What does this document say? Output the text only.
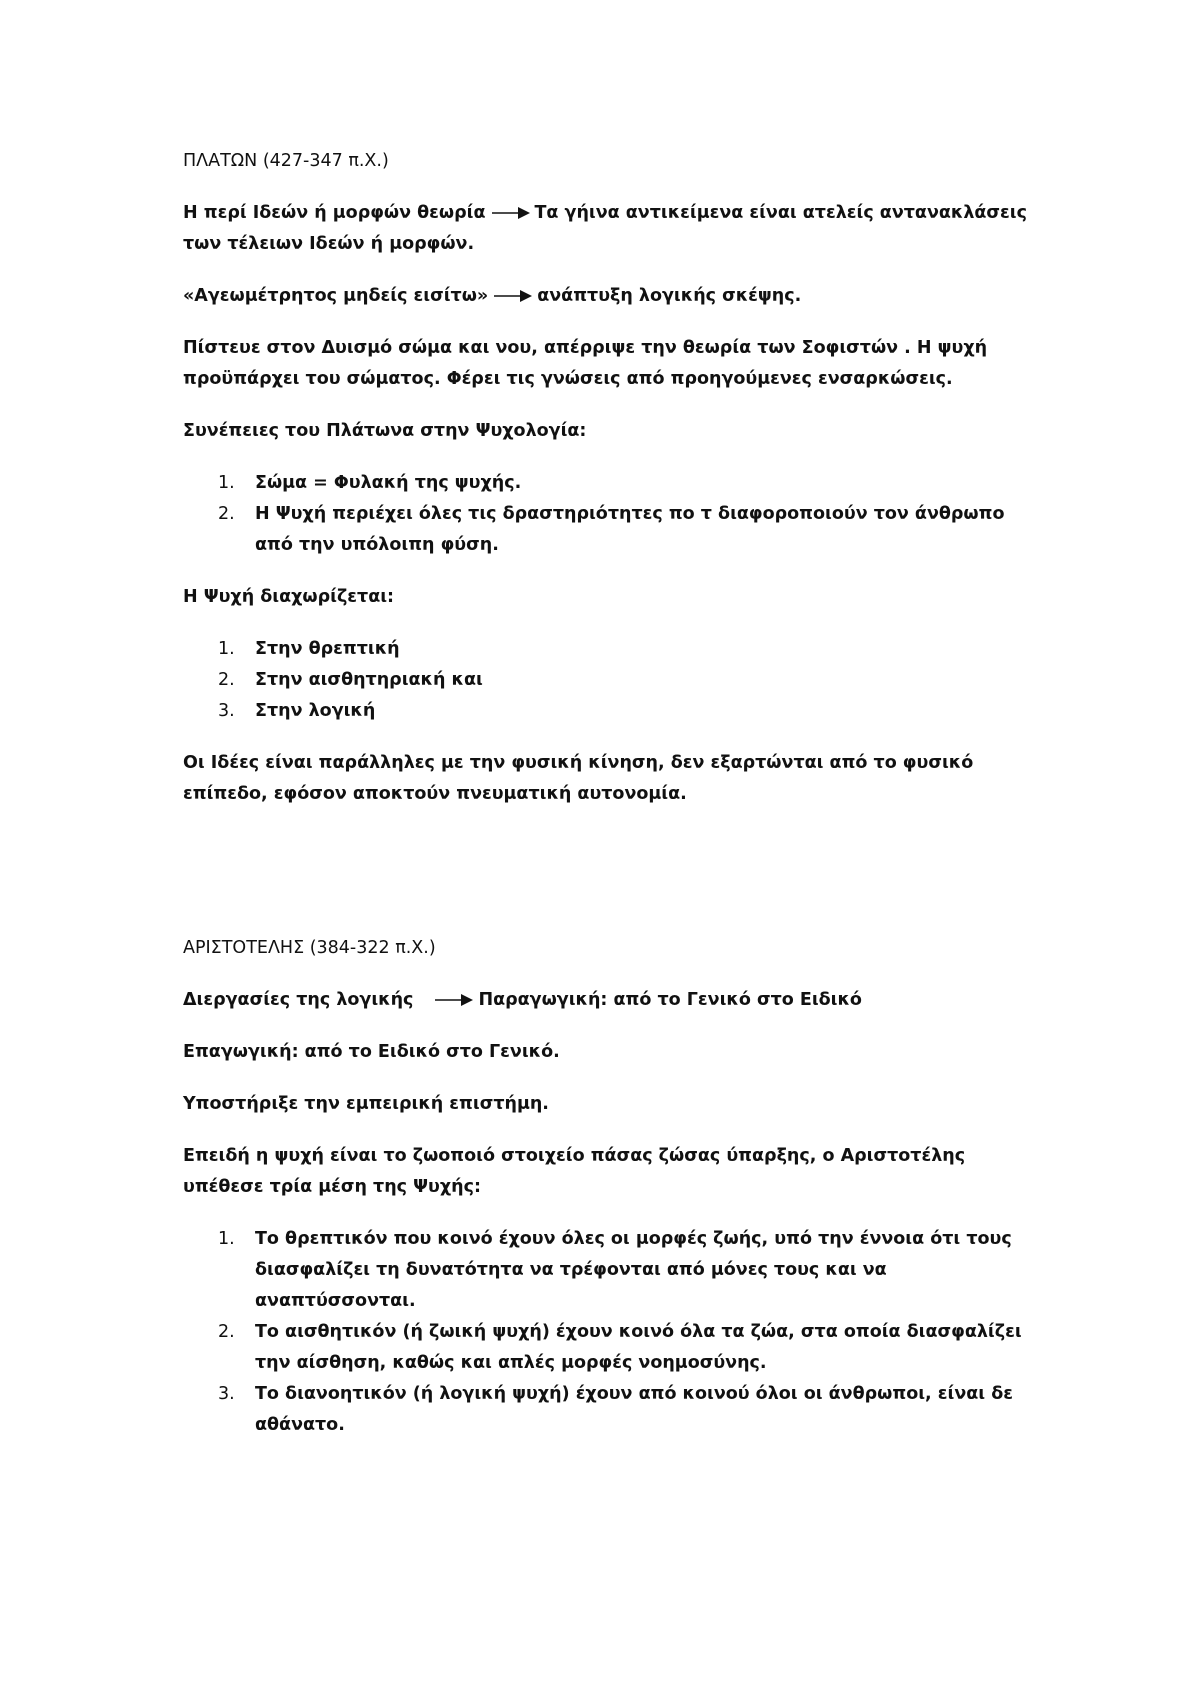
ΠΛΑΤΩΝ (427-347 π.Χ.)

Η περί Ιδεών ή μορφών θεωρία	Τα γήινα αντικείμενα είναι ατελείς αντανακλάσεις των τέλειων Ιδεών ή μορφών.

«Αγεωμέτρητος μηδείς εισίτω»	ανάπτυξη λογικής σκέψης.

Πίστευε στον Δυισμό σώμα και νου, απέρριψε την θεωρία των Σοφιστών . Η ψυχή προϋπάρχει του σώματος. Φέρει τις γνώσεις από προηγούμενες ενσαρκώσεις.

Συνέπειες του Πλάτωνα στην Ψυχολογία:

1. Σώμα = Φυλακή της ψυχής.
2. Η Ψυχή περιέχει όλες τις δραστηριότητες πο τ διαφοροποιούν τον άνθρωπο από την υπόλοιπη φύση.

Η Ψυχή διαχωρίζεται:

1. Στην θρεπτική
2. Στην αισθητηριακή και
3. Στην λογική

Οι Ιδέες είναι παράλληλες με την φυσική κίνηση, δεν εξαρτώνται από το φυσικό επίπεδο, εφόσον αποκτούν πνευματική αυτονομία.

ΑΡΙΣΤΟΤΕΛΗΣ (384-322 π.Χ.)

Διεργασίες της λογικής	Παραγωγική: από το Γενικό στο Ειδικό

Επαγωγική: από το Ειδικό στο Γενικό.

Υποστήριξε την εμπειρική επιστήμη.

Επειδή η ψυχή είναι το ζωοποιό στοιχείο πάσας ζώσας ύπαρξης, ο Αριστοτέλης υπέθεσε τρία μέση της Ψυχής:

1. Το θρεπτικόν που κοινό έχουν όλες οι μορφές ζωής, υπό την έννοια ότι τους διασφαλίζει τη δυνατότητα να τρέφονται από μόνες τους και να αναπτύσσονται.
2. Το αισθητικόν (ή ζωική ψυχή) έχουν κοινό όλα τα ζώα, στα οποία διασφαλίζει την αίσθηση, καθώς και απλές μορφές νοημοσύνης.
3. Το διανοητικόν (ή λογική ψυχή) έχουν από κοινού όλοι οι άνθρωποι, είναι δε αθάνατο.
